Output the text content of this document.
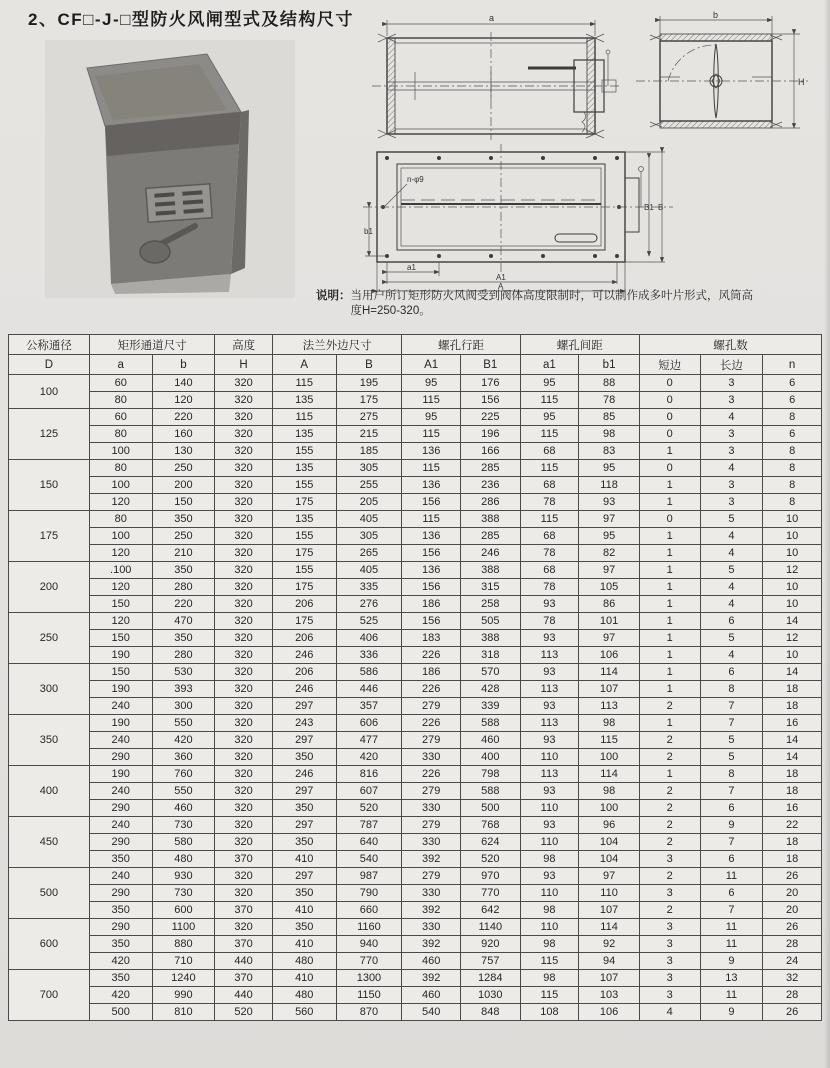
2、CF□-J-□型防火风闸型式及结构尺寸	a	b
H
n-φ9
b1
a1
A1
A
B1 B
说明： 当用户所订矩形防火风阀受到阀体高度限制时，可以制作成多叶片形式，风筒高
度H=250-320。
公称通径	矩形通道尺寸		高度	法兰外边尺寸		螺孔行距		螺孔间距		螺孔数		
D	a	b	H	A	B	A1	B1	a1	b1	短边	长边	n
100	60	140	320	115	195	95	176	95	88	0	3	6
	80	120	320	135	175	115	156	115	78	0	3	6
125	60	220	320	115	275	95	225	95	85	0	4	8
	80	160	320	135	215	115	196	115	98	0	3	6
	100	130	320	155	185	136	166	68	83	1	3	8
150	80	250	320	135	305	115	285	115	95	0	4	8
	100	200	320	155	255	136	236	68	118	1	3	8
	120	150	320	175	205	156	286	78	93	1	3	8
175	80	350	320	135	405	115	388	115	97	0	5	10
	100	250	320	155	305	136	285	68	95	1	4	10
	120	210	320	175	265	156	246	78	82	1	4	10
200	.100	350	320	155	405	136	388	68	97	1	5	12
	120	280	320	175	335	156	315	78	105	1	4	10
	150	220	320	206	276	186	258	93	86	1	4	10
250	120	470	320	175	525	156	505	78	101	1	6	14
	150	350	320	206	406	183	388	93	97	1	5	12
	190	280	320	246	336	226	318	113	106	1	4	10
300	150	530	320	206	586	186	570	93	114	1	6	14
	190	393	320	246	446	226	428	113	107	1	8	18
	240	300	320	297	357	279	339	93	113	2	7	18
350	190	550	320	243	606	226	588	113	98	1	7	16
	240	420	320	297	477	279	460	93	115	2	5	14
	290	360	320	350	420	330	400	110	100	2	5	14
400	190	760	320	246	816	226	798	113	114	1	8	18
	240	550	320	297	607	279	588	93	98	2	7	18
	290	460	320	350	520	330	500	110	100	2	6	16
450	240	730	320	297	787	279	768	93	96	2	9	22
	290	580	320	350	640	330	624	110	104	2	7	18
	350	480	370	410	540	392	520	98	104	3	6	18
500	240	930	320	297	987	279	970	93	97	2	11	26
	290	730	320	350	790	330	770	110	110	3	6	20
	350	600	370	410	660	392	642	98	107	2	7	20
600	290	1100	320	350	1160	330	1140	110	114	3	11	26
	350	880	370	410	940	392	920	98	92	3	11	28
	420	710	440	480	770	460	757	115	94	3	9	24
700	350	1240	370	410	1300	392	1284	98	107	3	13	32
	420	990	440	480	1150	460	1030	115	103	3	11	28
	500	810	520	560	870	540	848	108	106	4	9	26
